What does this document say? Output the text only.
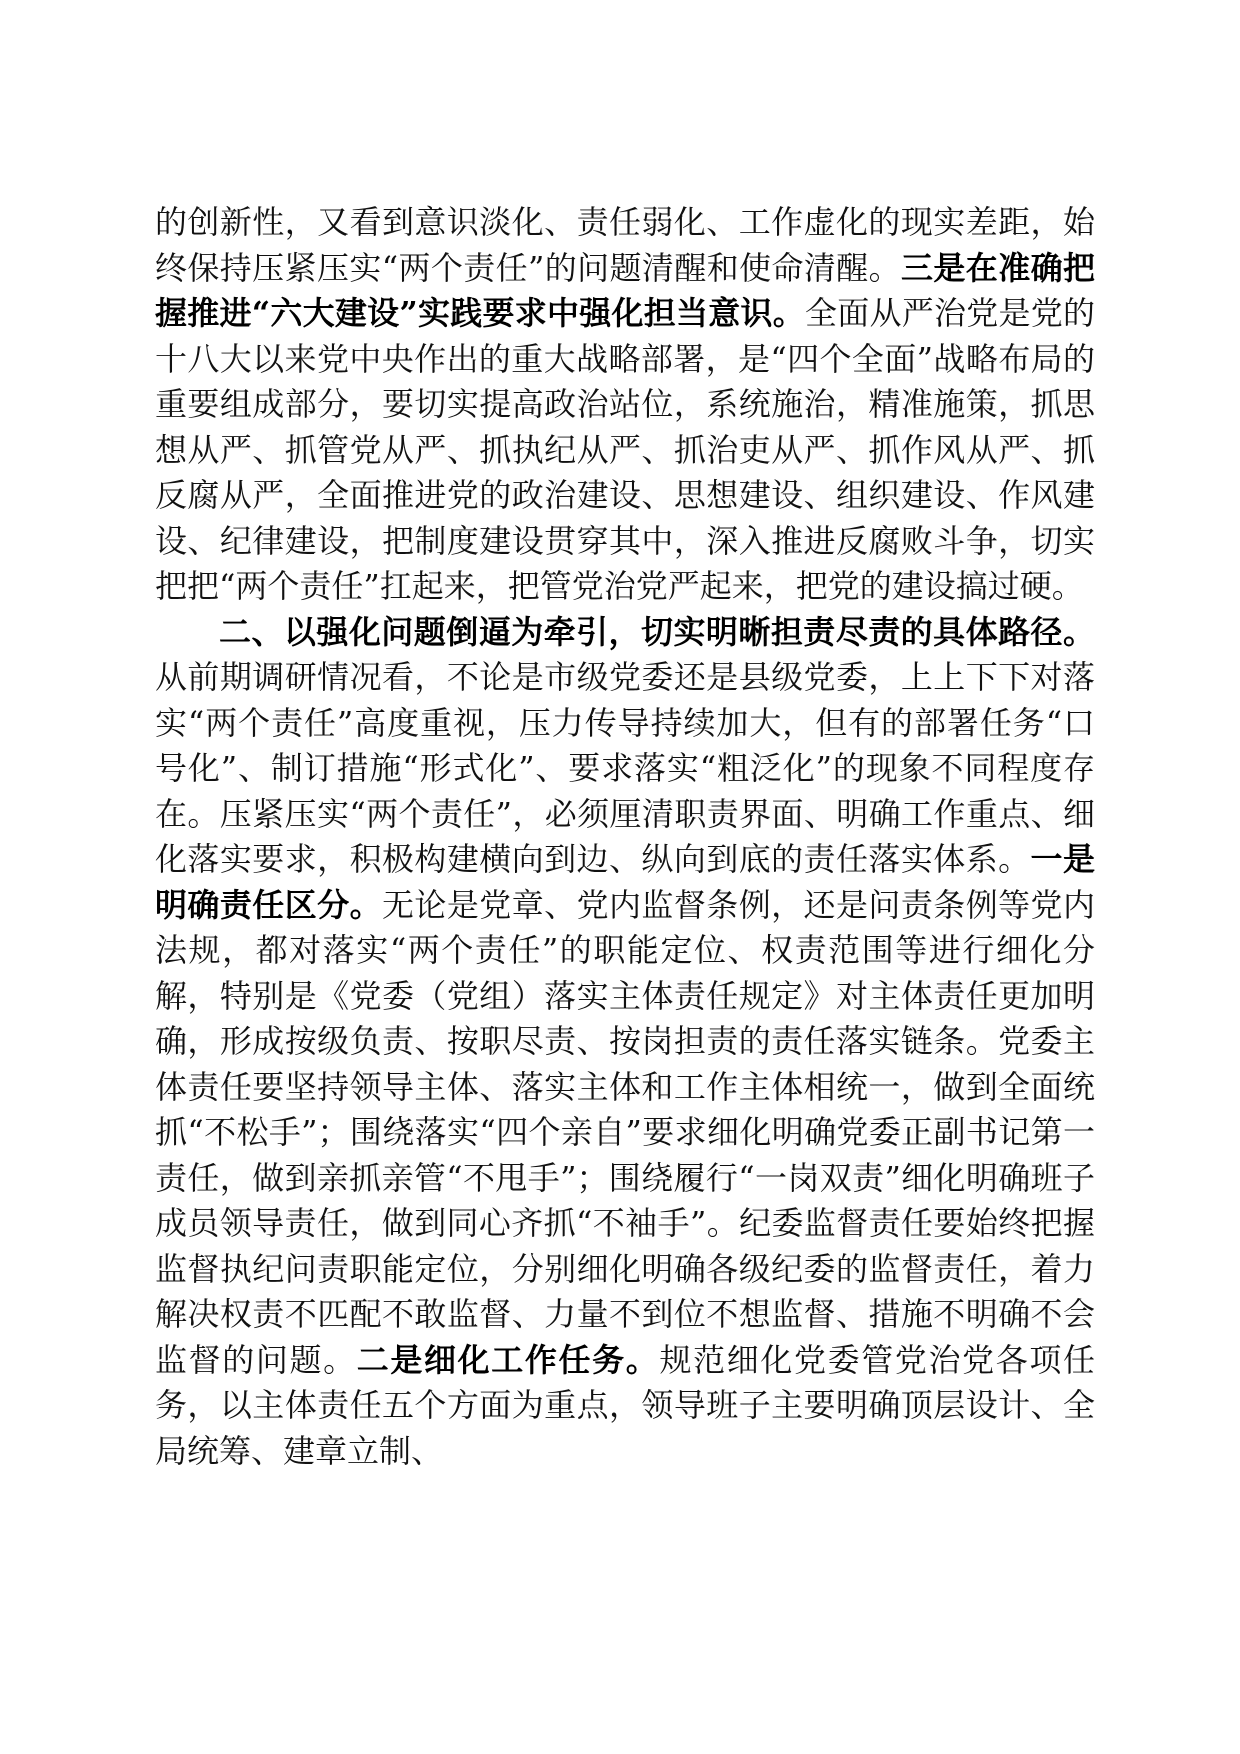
的创新性，又看到意识淡化、责任弱化、工作虚化的现实差距，始终保持压紧压实“两个责任”的问题清醒和使命清醒。三是在准确把握推进“六大建设”实践要求中强化担当意识。全面从严治党是党的十八大以来党中央作出的重大战略部署，是“四个全面”战略布局的重要组成部分，要切实提高政治站位，系统施治，精准施策，抓思想从严、抓管党从严、抓执纪从严、抓治吏从严、抓作风从严、抓反腐从严，全面推进党的政治建设、思想建设、组织建设、作风建设、纪律建设，把制度建设贯穿其中，深入推进反腐败斗争，切实把把“两个责任”扛起来，把管党治党严起来，把党的建设搞过硬。

二、以强化问题倒逼为牵引，切实明晰担责尽责的具体路径。从前期调研情况看，不论是市级党委还是县级党委，上上下下对落实“两个责任”高度重视，压力传导持续加大，但有的部署任务“口号化”、制订措施“形式化”、要求落实“粗泛化”的现象不同程度存在。压紧压实“两个责任”，必须厘清职责界面、明确工作重点、细化落实要求，积极构建横向到边、纵向到底的责任落实体系。一是明确责任区分。无论是党章、党内监督条例，还是问责条例等党内法规，都对落实“两个责任”的职能定位、权责范围等进行细化分解，特别是《党委（党组）落实主体责任规定》对主体责任更加明确，形成按级负责、按职尽责、按岗担责的责任落实链条。党委主体责任要坚持领导主体、落实主体和工作主体相统一，做到全面统抓“不松手”；围绕落实“四个亲自”要求细化明确党委正副书记第一责任，做到亲抓亲管“不甩手”；围绕履行“一岗双责”细化明确班子成员领导责任，做到同心齐抓“不袖手”。纪委监督责任要始终把握监督执纪问责职能定位，分别细化明确各级纪委的监督责任，着力解决权责不匹配不敢监督、力量不到位不想监督、措施不明确不会监督的问题。二是细化工作任务。规范细化党委管党治党各项任务，以主体责任五个方面为重点，领导班子主要明确顶层设计、全局统筹、建章立制、
